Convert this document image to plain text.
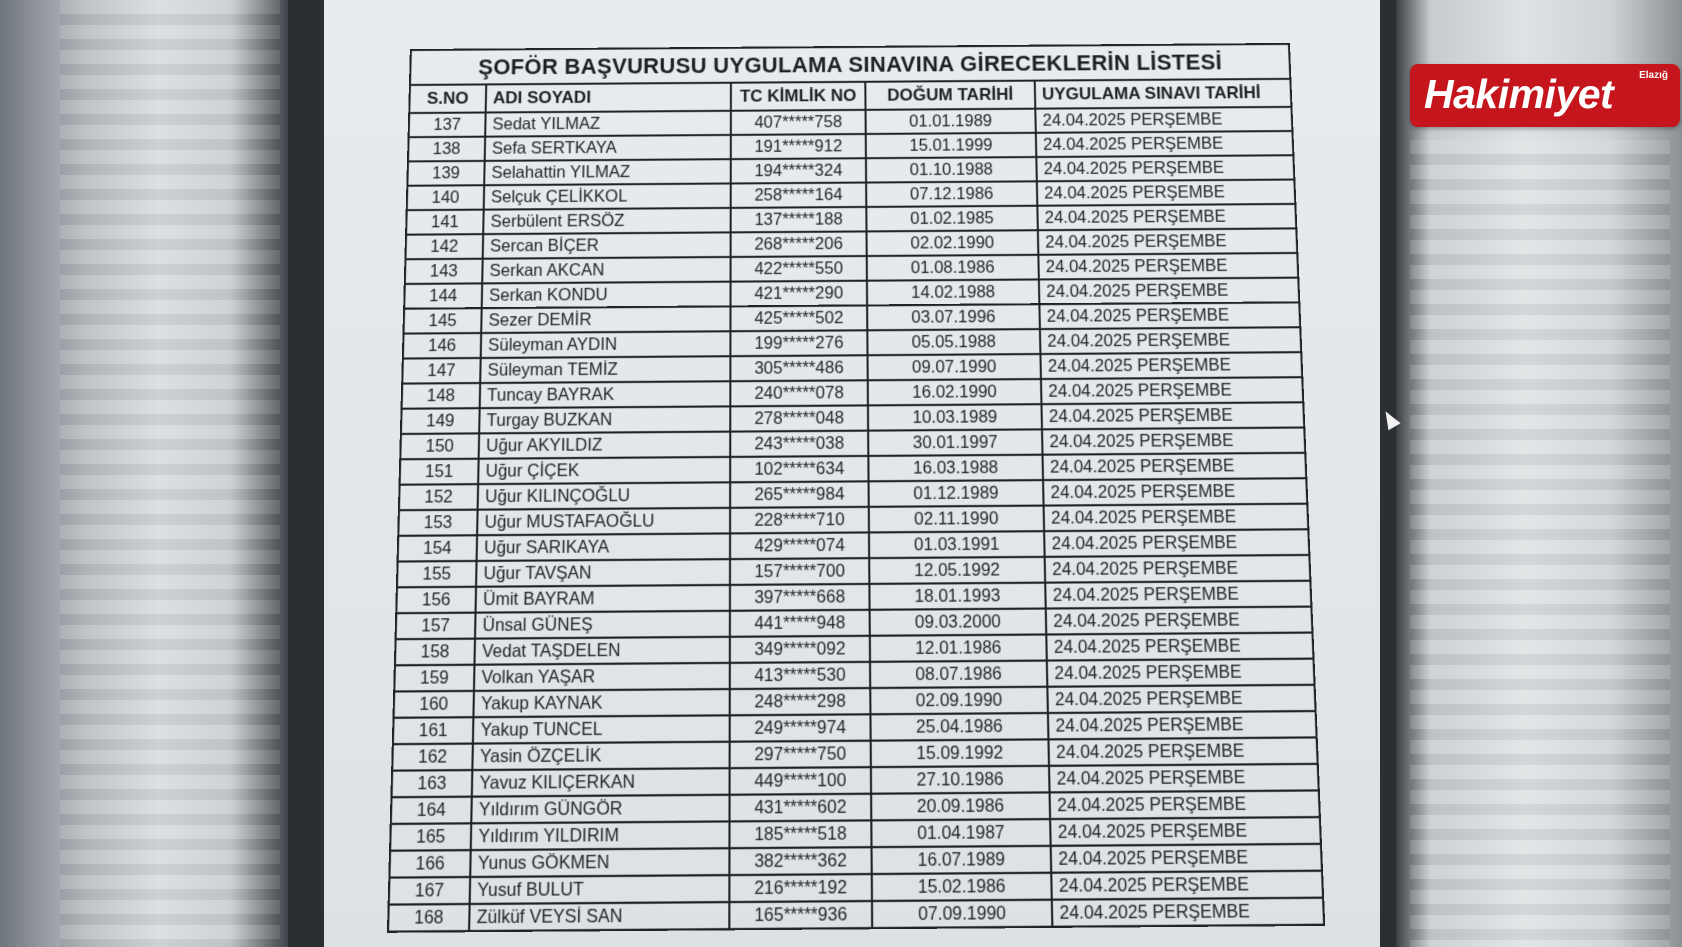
ŞOFÖR BAŞVURUSU UYGULAMA SINAVINA GİRECEKLERİN LİSTESİ
S.NO	ADI SOYADI	TC KİMLİK NO	DOĞUM TARİHİ	UYGULAMA SINAVI TARİHİ
137	Sedat YILMAZ	407*****758	01.01.1989	24.04.2025 PERŞEMBE
138	Sefa SERTKAYA	191*****912	15.01.1999	24.04.2025 PERŞEMBE
139	Selahattin YILMAZ	194*****324	01.10.1988	24.04.2025 PERŞEMBE
140	Selçuk ÇELİKKOL	258*****164	07.12.1986	24.04.2025 PERŞEMBE
141	Serbülent ERSÖZ	137*****188	01.02.1985	24.04.2025 PERŞEMBE
142	Sercan BİÇER	268*****206	02.02.1990	24.04.2025 PERŞEMBE
143	Serkan AKCAN	422*****550	01.08.1986	24.04.2025 PERŞEMBE
144	Serkan KONDU	421*****290	14.02.1988	24.04.2025 PERŞEMBE
145	Sezer DEMİR	425*****502	03.07.1996	24.04.2025 PERŞEMBE
146	Süleyman AYDIN	199*****276	05.05.1988	24.04.2025 PERŞEMBE
147	Süleyman TEMİZ	305*****486	09.07.1990	24.04.2025 PERŞEMBE
148	Tuncay BAYRAK	240*****078	16.02.1990	24.04.2025 PERŞEMBE
149	Turgay BUZKAN	278*****048	10.03.1989	24.04.2025 PERŞEMBE
150	Uğur AKYILDIZ	243*****038	30.01.1997	24.04.2025 PERŞEMBE
151	Uğur ÇİÇEK	102*****634	16.03.1988	24.04.2025 PERŞEMBE
152	Uğur KILINÇOĞLU	265*****984	01.12.1989	24.04.2025 PERŞEMBE
153	Uğur MUSTAFAOĞLU	228*****710	02.11.1990	24.04.2025 PERŞEMBE
154	Uğur SARIKAYA	429*****074	01.03.1991	24.04.2025 PERŞEMBE
155	Uğur TAVŞAN	157*****700	12.05.1992	24.04.2025 PERŞEMBE
156	Ümit BAYRAM	397*****668	18.01.1993	24.04.2025 PERŞEMBE
157	Ünsal GÜNEŞ	441*****948	09.03.2000	24.04.2025 PERŞEMBE
158	Vedat TAŞDELEN	349*****092	12.01.1986	24.04.2025 PERŞEMBE
159	Volkan YAŞAR	413*****530	08.07.1986	24.04.2025 PERŞEMBE
160	Yakup KAYNAK	248*****298	02.09.1990	24.04.2025 PERŞEMBE
161	Yakup TUNCEL	249*****974	25.04.1986	24.04.2025 PERŞEMBE
162	Yasin ÖZÇELİK	297*****750	15.09.1992	24.04.2025 PERŞEMBE
163	Yavuz KILIÇERKAN	449*****100	27.10.1986	24.04.2025 PERŞEMBE
164	Yıldırım GÜNGÖR	431*****602	20.09.1986	24.04.2025 PERŞEMBE
165	Yıldırım YILDIRIM	185*****518	01.04.1987	24.04.2025 PERŞEMBE
166	Yunus GÖKMEN	382*****362	16.07.1989	24.04.2025 PERŞEMBE
167	Yusuf BULUT	216*****192	15.02.1986	24.04.2025 PERŞEMBE
168	Zülküf VEYSİ SAN	165*****936	07.09.1990	24.04.2025 PERŞEMBE
Hakimiyet	Elazığ
